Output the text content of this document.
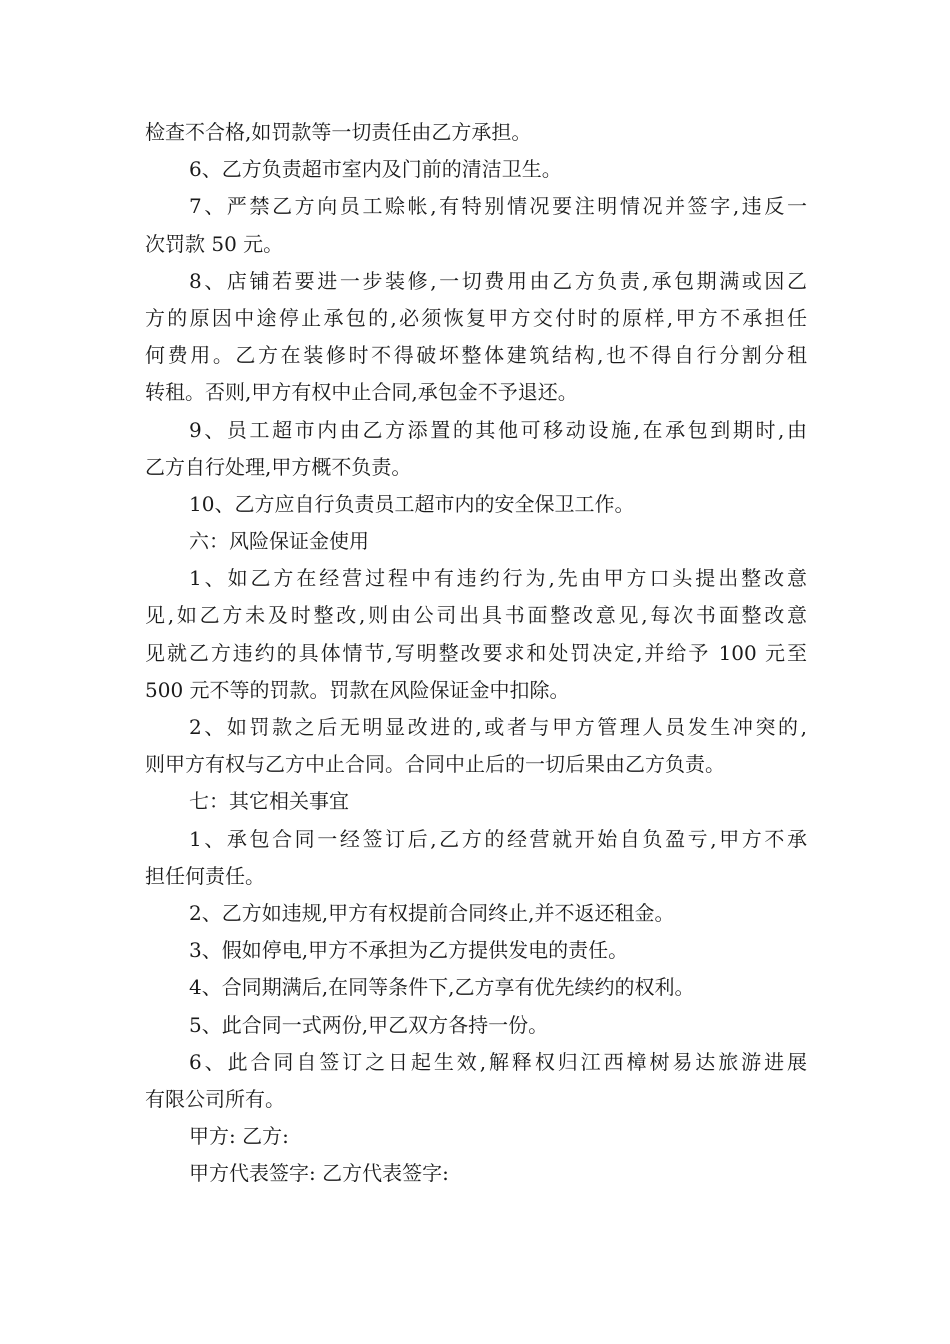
检查不合格,如罚款等一切责任由乙方承担。
6、乙方负责超市室内及门前的清洁卫生。
7、严禁乙方向员工赊帐,有特别情况要注明情况并签字,违反一
次罚款 50 元。
8、店铺若要进一步装修,一切费用由乙方负责,承包期满或因乙
方的原因中途停止承包的,必须恢复甲方交付时的原样,甲方不承担任
何费用。乙方在装修时不得破坏整体建筑结构,也不得自行分割分租
转租。否则,甲方有权中止合同,承包金不予退还。
9、员工超市内由乙方添置的其他可移动设施,在承包到期时,由
乙方自行处理,甲方概不负责。
10、乙方应自行负责员工超市内的安全保卫工作。
六：风险保证金使用
1、如乙方在经营过程中有违约行为,先由甲方口头提出整改意
见,如乙方未及时整改,则由公司出具书面整改意见,每次书面整改意
见就乙方违约的具体情节,写明整改要求和处罚决定,并给予 100 元至
500 元不等的罚款。罚款在风险保证金中扣除。
2、如罚款之后无明显改进的,或者与甲方管理人员发生冲突的,
则甲方有权与乙方中止合同。合同中止后的一切后果由乙方负责。
七：其它相关事宜
1、承包合同一经签订后,乙方的经营就开始自负盈亏,甲方不承
担任何责任。
2、乙方如违规,甲方有权提前合同终止,并不返还租金。
3、假如停电,甲方不承担为乙方提供发电的责任。
4、合同期满后,在同等条件下,乙方享有优先续约的权利。
5、此合同一式两份,甲乙双方各持一份。
6、此合同自签订之日起生效,解释权归江西樟树易达旅游进展
有限公司所有。
甲方: 乙方:
甲方代表签字: 乙方代表签字:
